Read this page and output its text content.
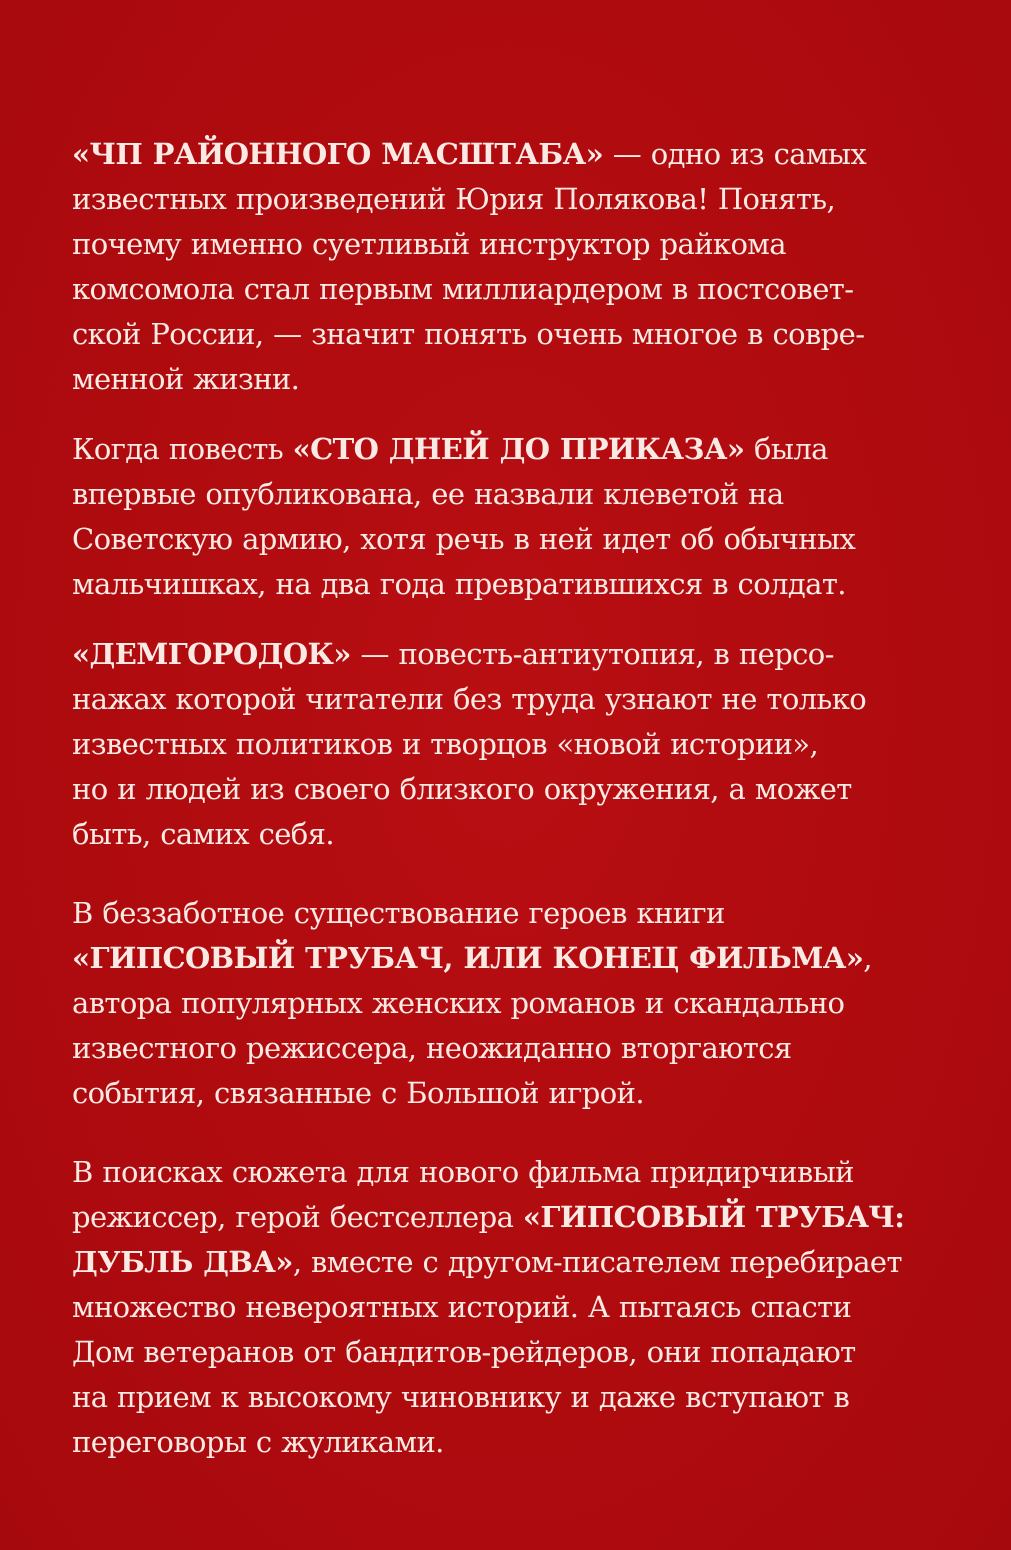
«ЧП РАЙОННОГО МАСШТАБА» — одно из самых
известных произведений Юрия Полякова! Понять,
почему именно суетливый инструктор райкома
комсомола стал первым миллиардером в постсовет-
ской России, — значит понять очень многое в совре-
менной жизни.
Когда повесть «СТО ДНЕЙ ДО ПРИКАЗА» была
впервые опубликована, ее назвали клеветой на
Советскую армию, хотя речь в ней идет об обычных
мальчишках, на два года превратившихся в солдат.
«ДЕМГОРОДОК» — повесть-антиутопия, в персо-
нажах которой читатели без труда узнают не только
известных политиков и творцов «новой истории»,
но и людей из своего близкого окружения, а может
быть, самих себя.
В беззаботное существование героев книги
«ГИПСОВЫЙ ТРУБАЧ, ИЛИ КОНЕЦ ФИЛЬМА»,
автора популярных женских романов и скандально
известного режиссера, неожиданно вторгаются
события, связанные с Большой игрой.
В поисках сюжета для нового фильма придирчивый
режиссер, герой бестселлера «ГИПСОВЫЙ ТРУБАЧ:
ДУБЛЬ ДВА», вместе с другом-писателем перебирает
множество невероятных историй. А пытаясь спасти
Дом ветеранов от бандитов-рейдеров, они попадают
на прием к высокому чиновнику и даже вступают в
переговоры с жуликами.
